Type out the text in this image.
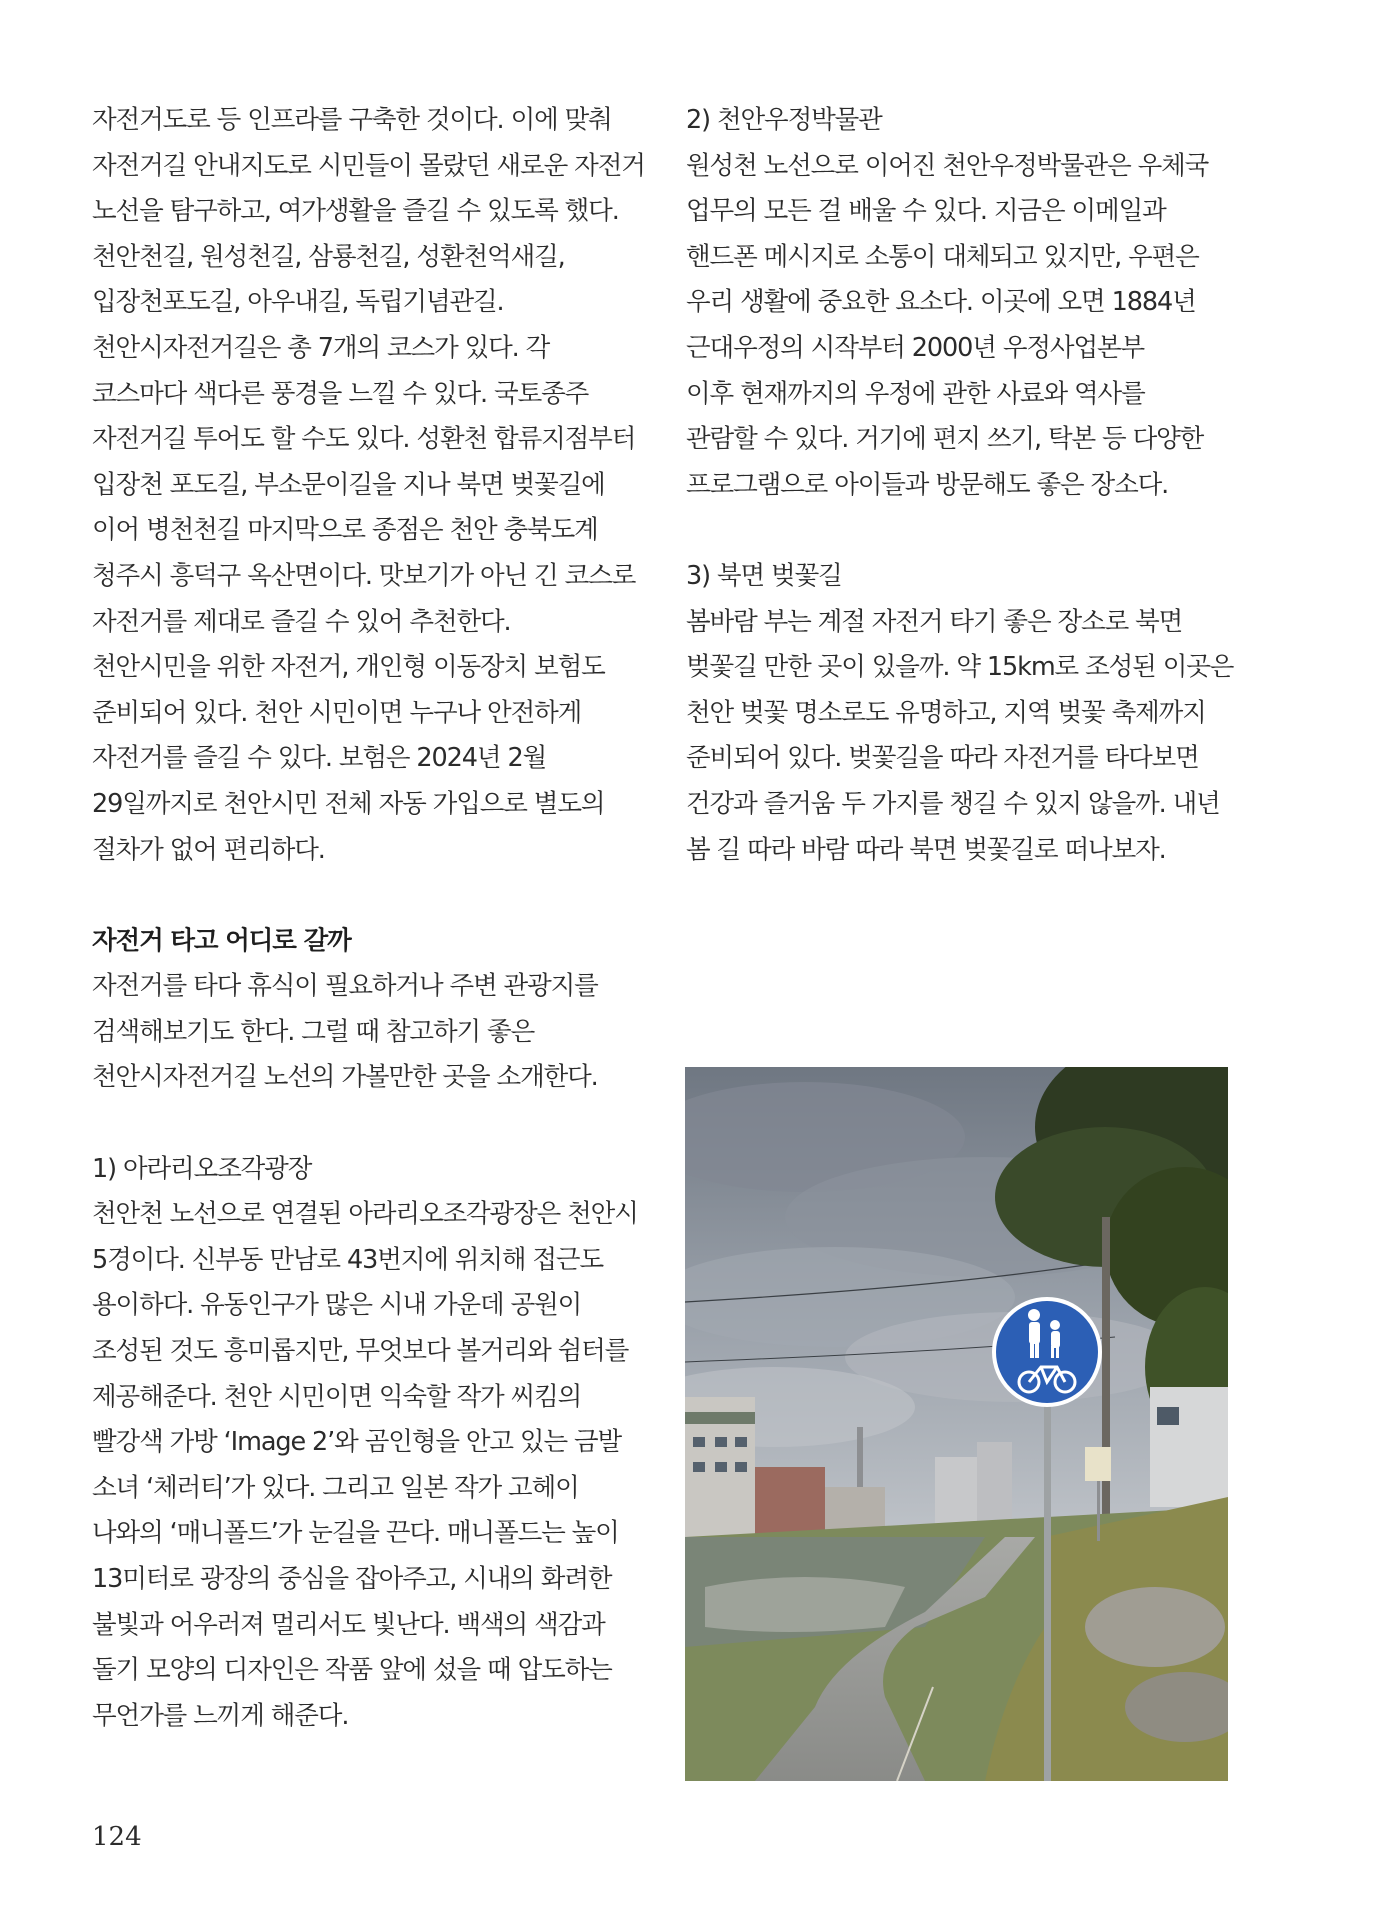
자전거도로 등 인프라를 구축한 것이다. 이에 맞춰

자전거길 안내지도로 시민들이 몰랐던 새로운 자전거

노선을 탐구하고, 여가생활을 즐길 수 있도록 했다.

천안천길, 원성천길, 삼룡천길, 성환천억새길,

입장천포도길, 아우내길, 독립기념관길.

천안시자전거길은 총 7개의 코스가 있다. 각

코스마다 색다른 풍경을 느낄 수 있다. 국토종주

자전거길 투어도 할 수도 있다. 성환천 합류지점부터

입장천 포도길, 부소문이길을 지나 북면 벚꽃길에

이어 병천천길 마지막으로 종점은 천안 충북도계

청주시 흥덕구 옥산면이다. 맛보기가 아닌 긴 코스로

자전거를 제대로 즐길 수 있어 추천한다.

천안시민을 위한 자전거, 개인형 이동장치 보험도

준비되어 있다. 천안 시민이면 누구나 안전하게

자전거를 즐길 수 있다. 보험은 2024년 2월

29일까지로 천안시민 전체 자동 가입으로 별도의

절차가 없어 편리하다.

자전거 타고 어디로 갈까

자전거를 타다 휴식이 필요하거나 주변 관광지를

검색해보기도 한다. 그럴 때 참고하기 좋은

천안시자전거길 노선의 가볼만한 곳을 소개한다.

1) 아라리오조각광장

천안천 노선으로 연결된 아라리오조각광장은 천안시

5경이다. 신부동 만남로 43번지에 위치해 접근도

용이하다. 유동인구가 많은 시내 가운데 공원이

조성된 것도 흥미롭지만, 무엇보다 볼거리와 쉼터를

제공해준다. 천안 시민이면 익숙할 작가 씨킴의

빨강색 가방 ‘Image 2’와 곰인형을 안고 있는 금발

소녀 ‘체러티’가 있다. 그리고 일본 작가 고헤이

나와의 ‘매니폴드’가 눈길을 끈다. 매니폴드는 높이

13미터로 광장의 중심을 잡아주고, 시내의 화려한

불빛과 어우러져 멀리서도 빛난다. 백색의 색감과

돌기 모양의 디자인은 작품 앞에 섰을 때 압도하는

무언가를 느끼게 해준다.

2) 천안우정박물관

원성천 노선으로 이어진 천안우정박물관은 우체국

업무의 모든 걸 배울 수 있다. 지금은 이메일과

핸드폰 메시지로 소통이 대체되고 있지만, 우편은

우리 생활에 중요한 요소다. 이곳에 오면 1884년

근대우정의 시작부터 2000년 우정사업본부

이후 현재까지의 우정에 관한 사료와 역사를

관람할 수 있다. 거기에 편지 쓰기, 탁본 등 다양한

프로그램으로 아이들과 방문해도 좋은 장소다.

3) 북면 벚꽃길

봄바람 부는 계절 자전거 타기 좋은 장소로 북면

벚꽃길 만한 곳이 있을까. 약 15km로 조성된 이곳은

천안 벚꽃 명소로도 유명하고, 지역 벚꽃 축제까지

준비되어 있다. 벚꽃길을 따라 자전거를 타다보면

건강과 즐거움 두 가지를 챙길 수 있지 않을까. 내년

봄 길 따라 바람 따라 북면 벚꽃길로 떠나보자.

124
